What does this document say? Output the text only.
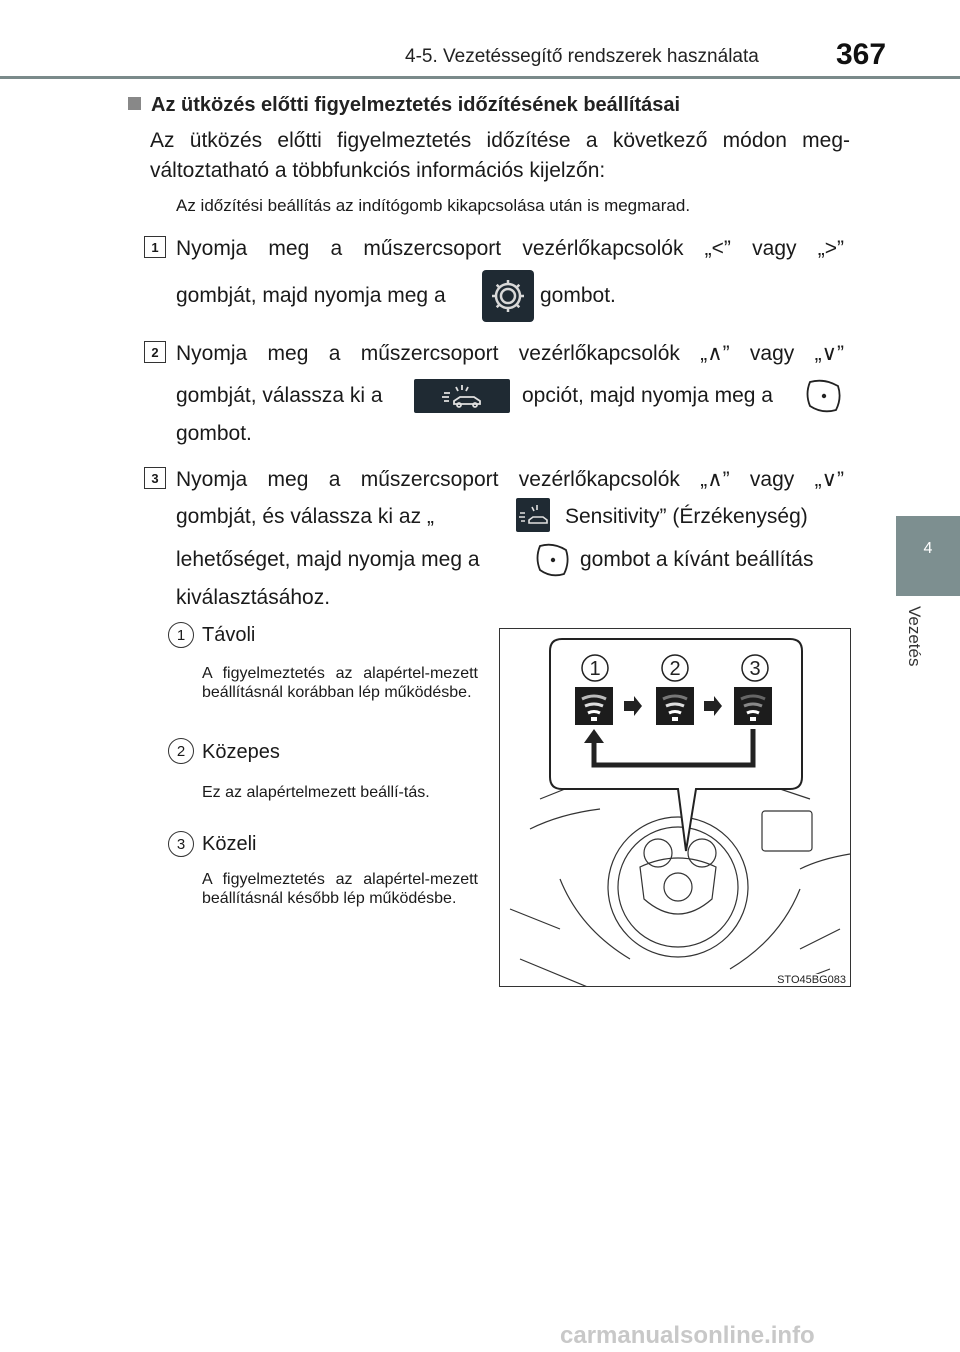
4-5. Vezetéssegítő rendszerek használata	367
4
Vezetés
Az ütközés előtti figyelmeztetés időzítésének beállításai
Az ütközés előtti figyelmeztetés időzítése a következő módon meg-változtatható a többfunkciós információs kijelzőn:
Az időzítési beállítás az indítógomb kikapcsolása után is megmarad.
1 Nyomja meg a műszercsoport vezérlőkapcsolók „<” vagy „>”
gombját, majd nyomja meg a	gombot.
2 Nyomja meg a műszercsoport vezérlőkapcsolók „∧” vagy „∨”
gombját, válassza ki a	opciót, majd nyomja meg a
gombot.
3 Nyomja meg a műszercsoport vezérlőkapcsolók „∧” vagy „∨”
gombját, és válassza ki az „	Sensitivity” (Érzékenység)
lehetőséget, majd nyomja meg a	gombot a kívánt beállítás
kiválasztásához.
1 Távoli
A figyelmeztetés az alapértel-mezett beállításnál korábban lép működésbe.
2 Közepes
Ez az alapértelmezett beállí-tás.
3 Közeli
A figyelmeztetés az alapértel-mezett beállításnál később lép működésbe.
1	2	3
STO45BG083
carmanualsonline.info
